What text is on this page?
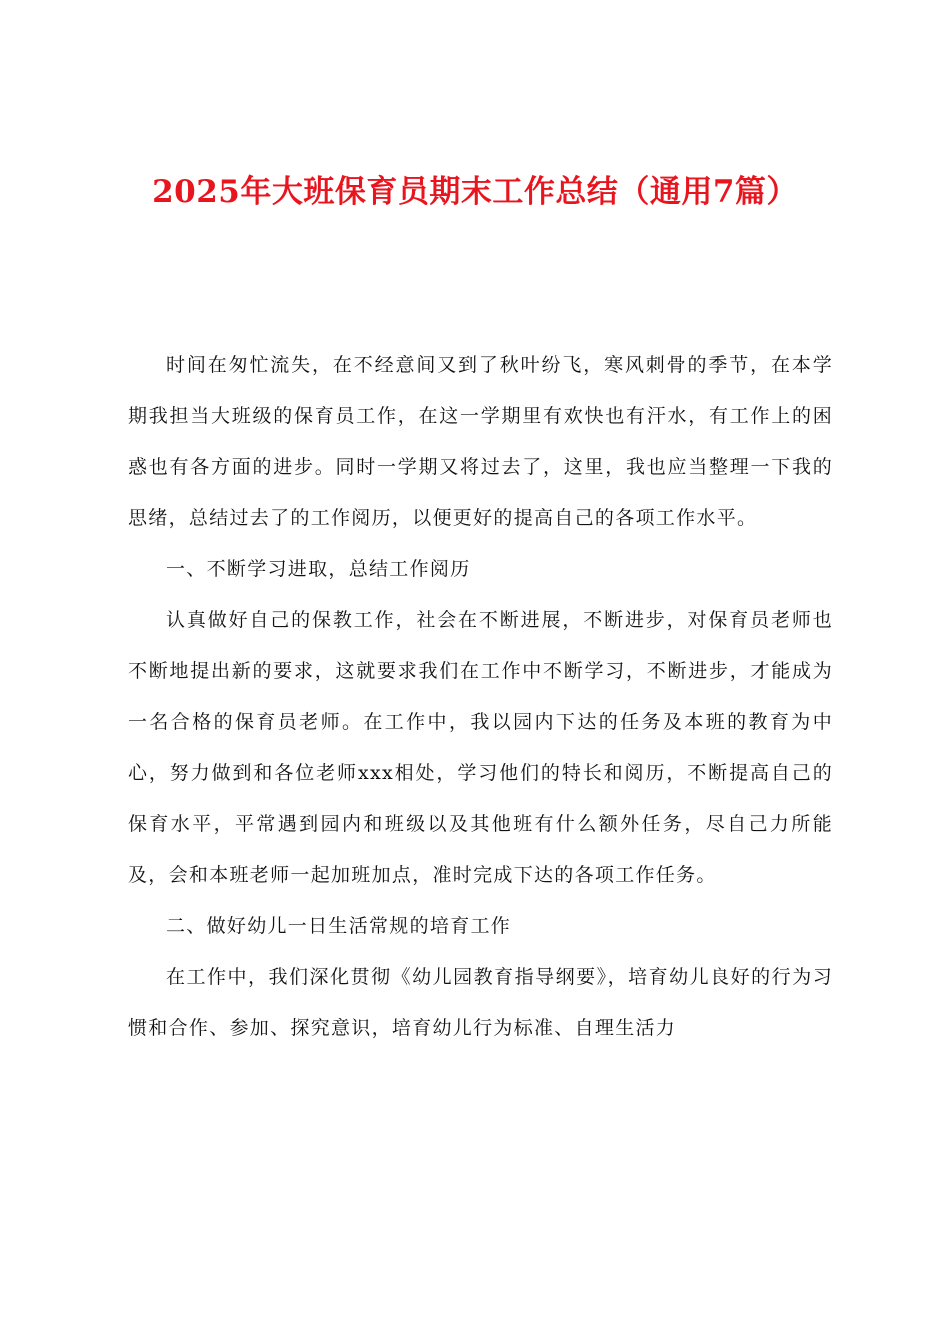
2025年大班保育员期末工作总结（通用7篇）

时间在匆忙流失，在不经意间又到了秋叶纷飞，寒风刺骨的季节，在本学期我担当大班级的保育员工作，在这一学期里有欢快也有汗水，有工作上的困惑也有各方面的进步。同时一学期又将过去了，这里，我也应当整理一下我的思绪，总结过去了的工作阅历，以便更好的提高自己的各项工作水平。

一、不断学习进取，总结工作阅历

认真做好自己的保教工作，社会在不断进展，不断进步，对保育员老师也不断地提出新的要求，这就要求我们在工作中不断学习，不断进步，才能成为一名合格的保育员老师。在工作中，我以园内下达的任务及本班的教育为中心，努力做到和各位老师xxx相处，学习他们的特长和阅历，不断提高自己的保育水平，平常遇到园内和班级以及其他班有什么额外任务，尽自己力所能及，会和本班老师一起加班加点，准时完成下达的各项工作任务。

二、做好幼儿一日生活常规的培育工作

在工作中，我们深化贯彻《幼儿园教育指导纲要》，培育幼儿良好的行为习惯和合作、参加、探究意识，培育幼儿行为标准、自理生活力
